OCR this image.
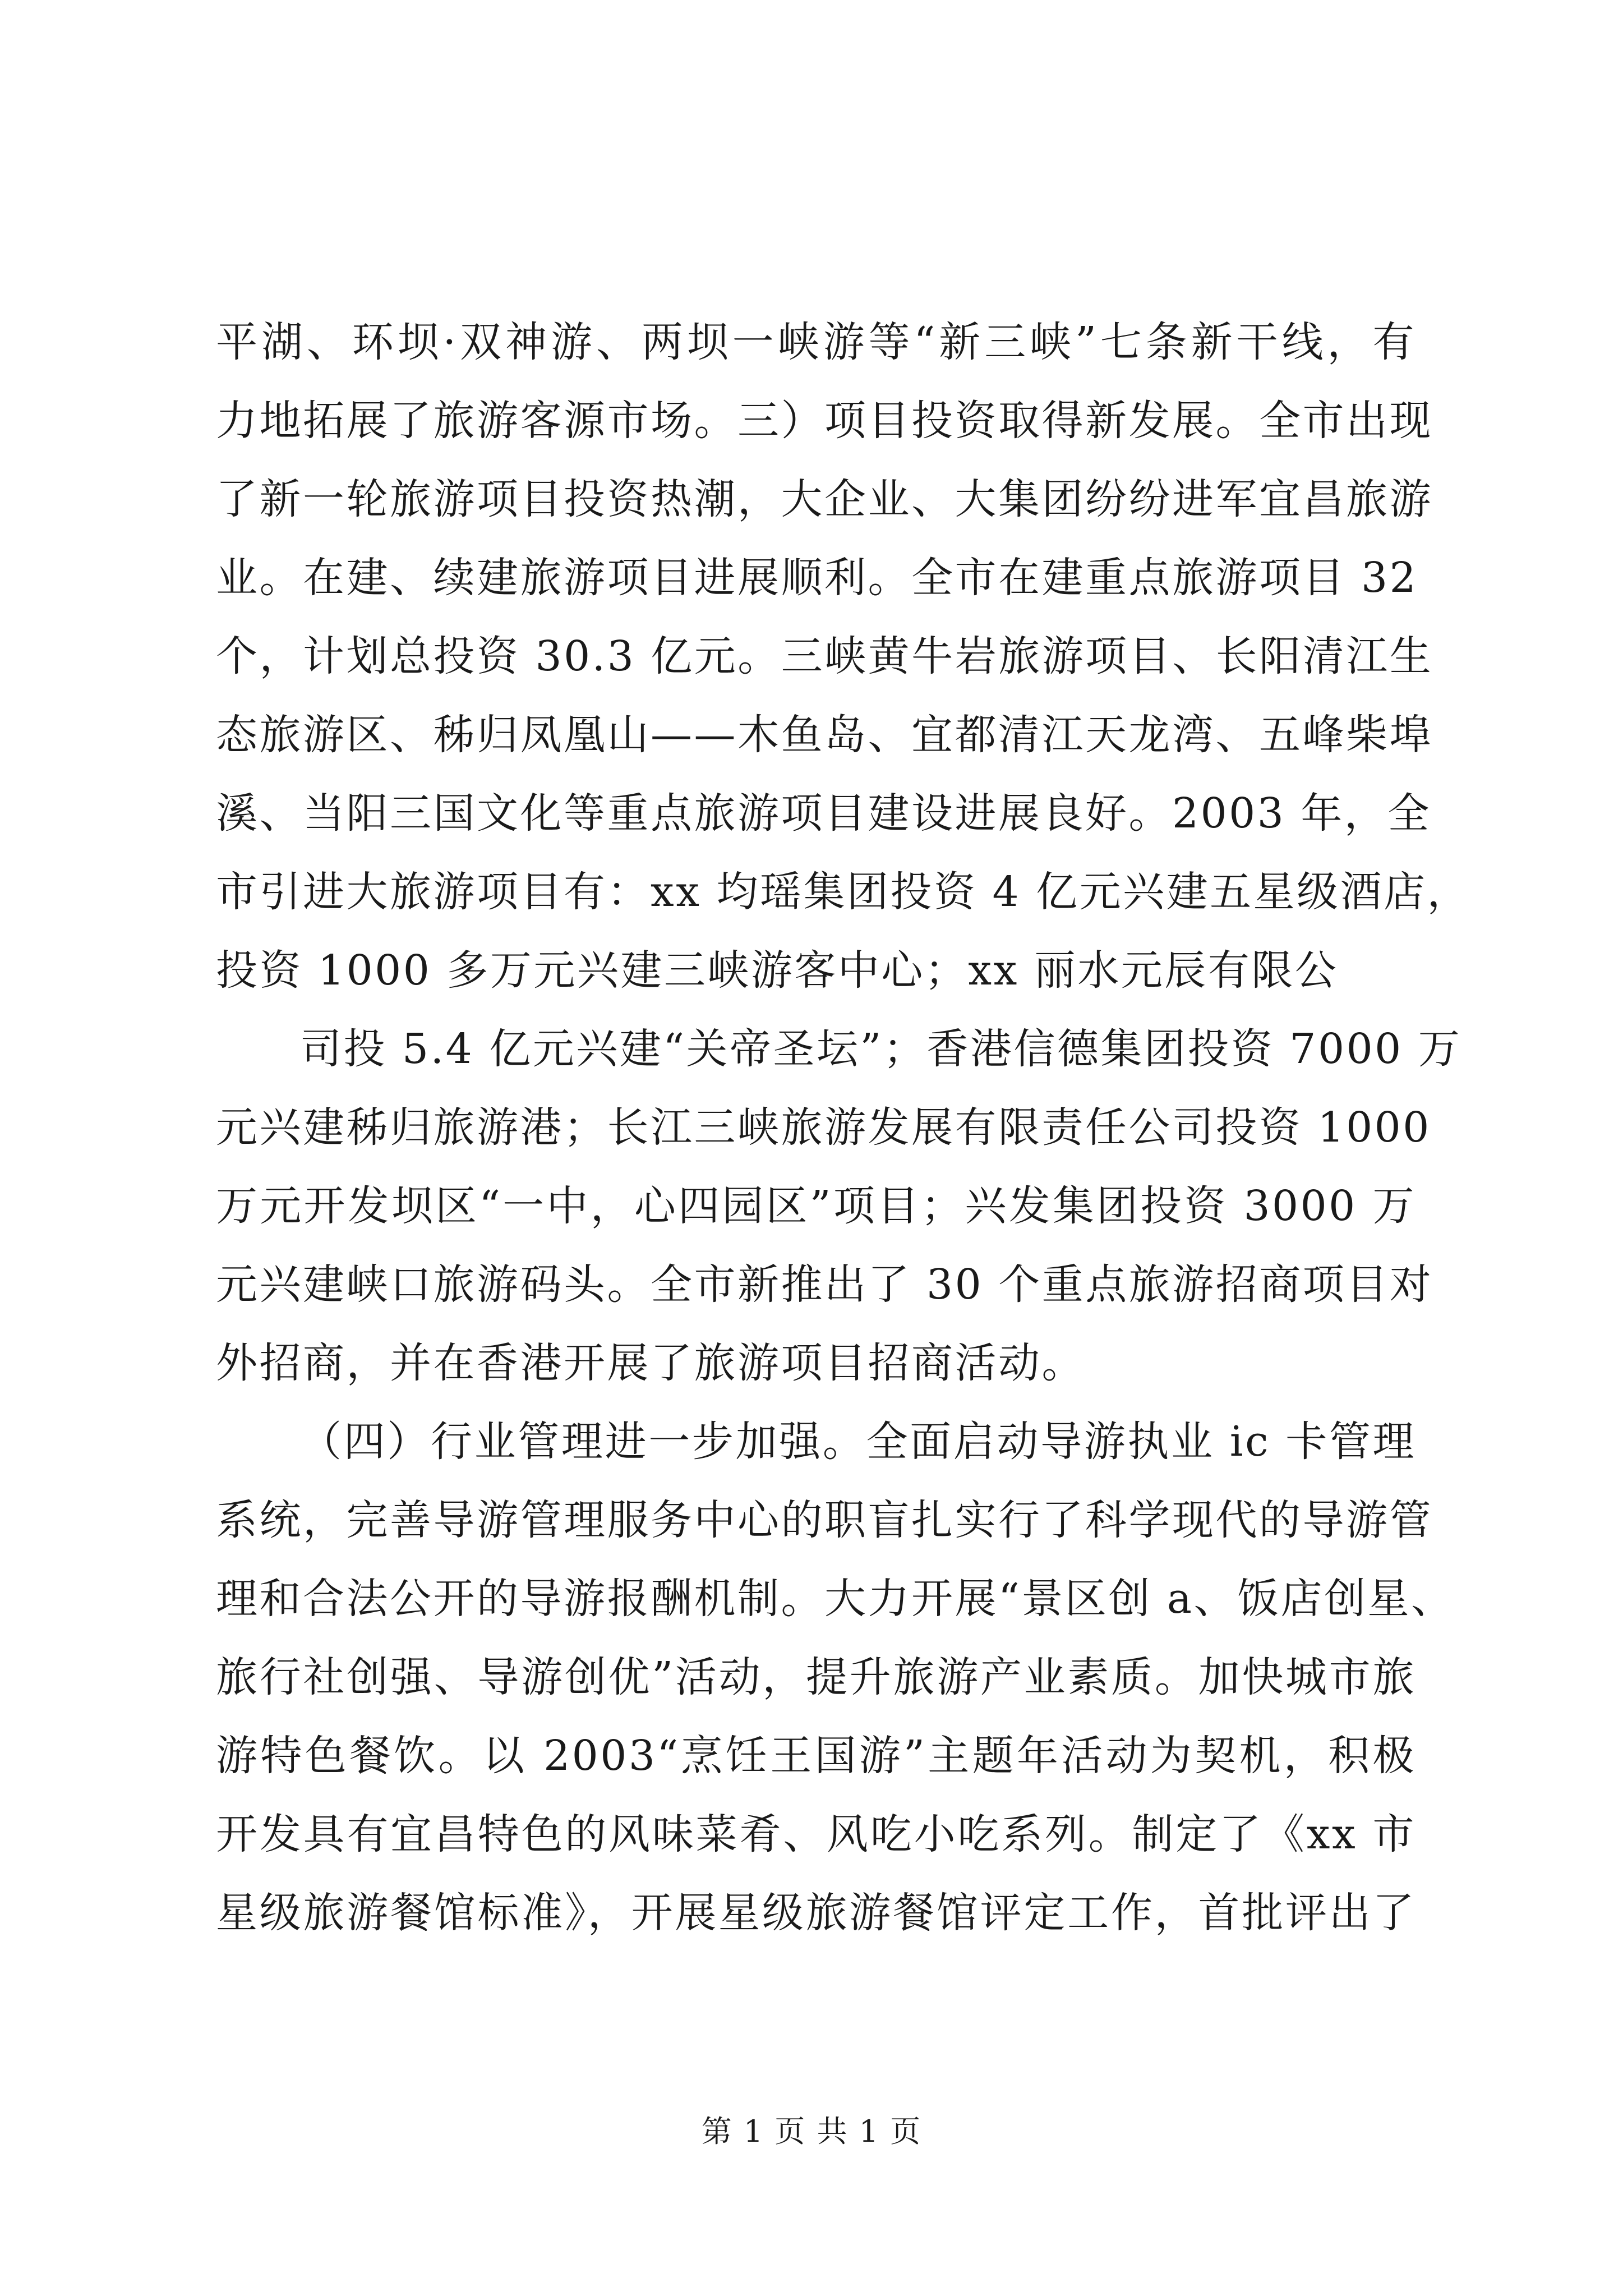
平湖、环坝·双神游、两坝一峡游等“新三峡”七条新干线，有
力地拓展了旅游客源市场。三）项目投资取得新发展。全市出现
了新一轮旅游项目投资热潮，大企业、大集团纷纷进军宜昌旅游
业。在建、续建旅游项目进展顺利。全市在建重点旅游项目 32
个，计划总投资 30.3 亿元。三峡黄牛岩旅游项目、长阳清江生
态旅游区、秭归凤凰山——木鱼岛、宜都清江天龙湾、五峰柴埠
溪、当阳三国文化等重点旅游项目建设进展良好。2003 年，全
市引进大旅游项目有：xx 均瑶集团投资 4 亿元兴建五星级酒店，
投资 1000 多万元兴建三峡游客中心；xx 丽水元辰有限公
司投 5.4 亿元兴建“关帝圣坛”；香港信德集团投资 7000 万
元兴建秭归旅游港；长江三峡旅游发展有限责任公司投资 1000
万元开发坝区“一中，心四园区”项目；兴发集团投资 3000 万
元兴建峡口旅游码头。全市新推出了 30 个重点旅游招商项目对
外招商，并在香港开展了旅游项目招商活动。
（四）行业管理进一步加强。全面启动导游执业 ic 卡管理
系统，完善导游管理服务中心的职盲扎实行了科学现代的导游管
理和合法公开的导游报酬机制。大力开展“景区创 a、饭店创星、
旅行社创强、导游创优”活动，提升旅游产业素质。加快城市旅
游特色餐饮。以 2003“烹饪王国游”主题年活动为契机，积极
开发具有宜昌特色的风味菜肴、风吃小吃系列。制定了《xx 市
星级旅游餐馆标准》，开展星级旅游餐馆评定工作，首批评出了
第 1 页 共 1 页
